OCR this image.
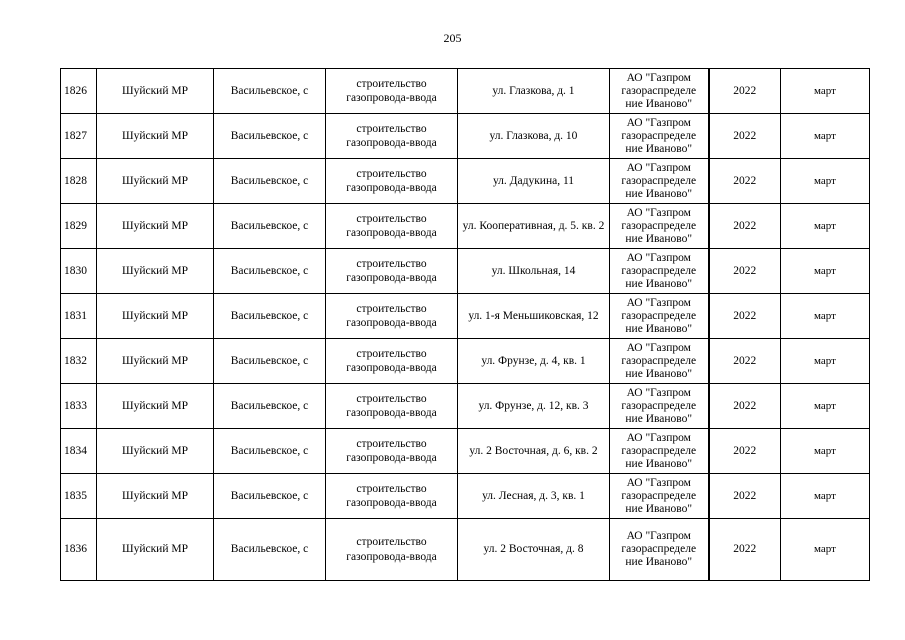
205
1826	Шуйский МР	Васильевское, с	строительство газопровода-ввода	ул. Глазкова, д. 1	АО "Газпром газораспределе ние Иваново"	2022	март
1827	Шуйский МР	Васильевское, с	строительство газопровода-ввода	ул. Глазкова, д. 10	АО "Газпром газораспределе ние Иваново"	2022	март
1828	Шуйский МР	Васильевское, с	строительство газопровода-ввода	ул. Дадукина, 11	АО "Газпром газораспределе ние Иваново"	2022	март
1829	Шуйский МР	Васильевское, с	строительство газопровода-ввода	ул. Кооперативная, д. 5. кв. 2	АО "Газпром газораспределе ние Иваново"	2022	март
1830	Шуйский МР	Васильевское, с	строительство газопровода-ввода	ул. Школьная, 14	АО "Газпром газораспределе ние Иваново"	2022	март
1831	Шуйский МР	Васильевское, с	строительство газопровода-ввода	ул. 1-я Меньшиковская, 12	АО "Газпром газораспределе ние Иваново"	2022	март
1832	Шуйский МР	Васильевское, с	строительство газопровода-ввода	ул. Фрунзе, д. 4, кв. 1	АО "Газпром газораспределе ние Иваново"	2022	март
1833	Шуйский МР	Васильевское, с	строительство газопровода-ввода	ул. Фрунзе, д. 12, кв. 3	АО "Газпром газораспределе ние Иваново"	2022	март
1834	Шуйский МР	Васильевское, с	строительство газопровода-ввода	ул. 2 Восточная, д. 6, кв. 2	АО "Газпром газораспределе ние Иваново"	2022	март
1835	Шуйский МР	Васильевское, с	строительство газопровода-ввода	ул. Лесная, д. 3, кв. 1	АО "Газпром газораспределе ние Иваново"	2022	март
1836	Шуйский МР	Васильевское, с	строительство газопровода-ввода	ул. 2 Восточная, д. 8	АО "Газпром газораспределе ние Иваново"	2022	март
